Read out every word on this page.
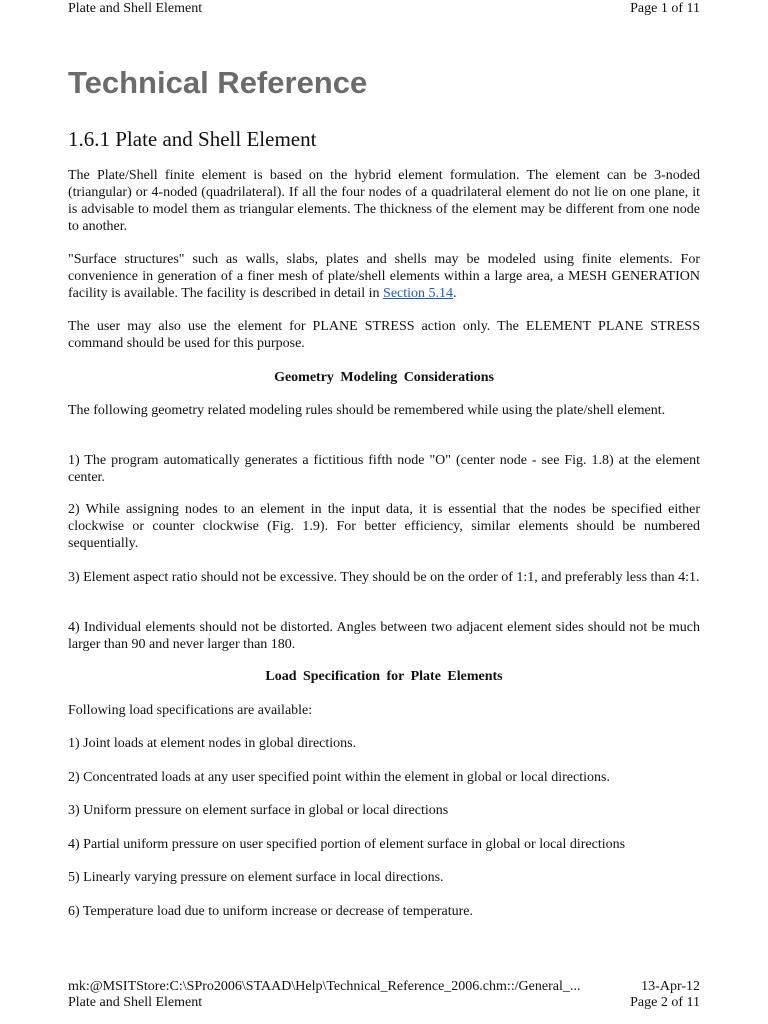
Plate and Shell Element	Page 1 of 11
Technical Reference
1.6.1 Plate and Shell Element

The Plate/Shell finite element is based on the hybrid element formulation. The element can be 3-noded (triangular) or 4-noded (quadrilateral). If all the four nodes of a quadrilateral element do not lie on one plane, it is advisable to model them as triangular elements. The thickness of the element may be different from one node to another.

"Surface structures" such as walls, slabs, plates and shells may be modeled using finite elements. For convenience in generation of a finer mesh of plate/shell elements within a large area, a MESH GENERATION facility is available. The facility is described in detail in Section 5.14.

The user may also use the element for PLANE STRESS action only. The ELEMENT PLANE STRESS command should be used for this purpose.

Geometry Modeling Considerations

The following geometry related modeling rules should be remembered while using the plate/shell element.

1) The program automatically generates a fictitious fifth node "O" (center node - see Fig. 1.8) at the element center.

2) While assigning nodes to an element in the input data, it is essential that the nodes be specified either clockwise or counter clockwise (Fig. 1.9). For better efficiency, similar elements should be numbered sequentially.

3) Element aspect ratio should not be excessive. They should be on the order of 1:1, and preferably less than 4:1.

4) Individual elements should not be distorted. Angles between two adjacent element sides should not be much larger than 90 and never larger than 180.

Load Specification for Plate Elements

Following load specifications are available:

1) Joint loads at element nodes in global directions.

2) Concentrated loads at any user specified point within the element in global or local directions.

3) Uniform pressure on element surface in global or local directions

4) Partial uniform pressure on user specified portion of element surface in global or local directions

5) Linearly varying pressure on element surface in local directions.

6) Temperature load due to uniform increase or decrease of temperature.

mk:@MSITStore:C:\SPro2006\STAAD\Help\Technical_Reference_2006.chm::/General_...	13-Apr-12
Plate and Shell Element	Page 2 of 11
